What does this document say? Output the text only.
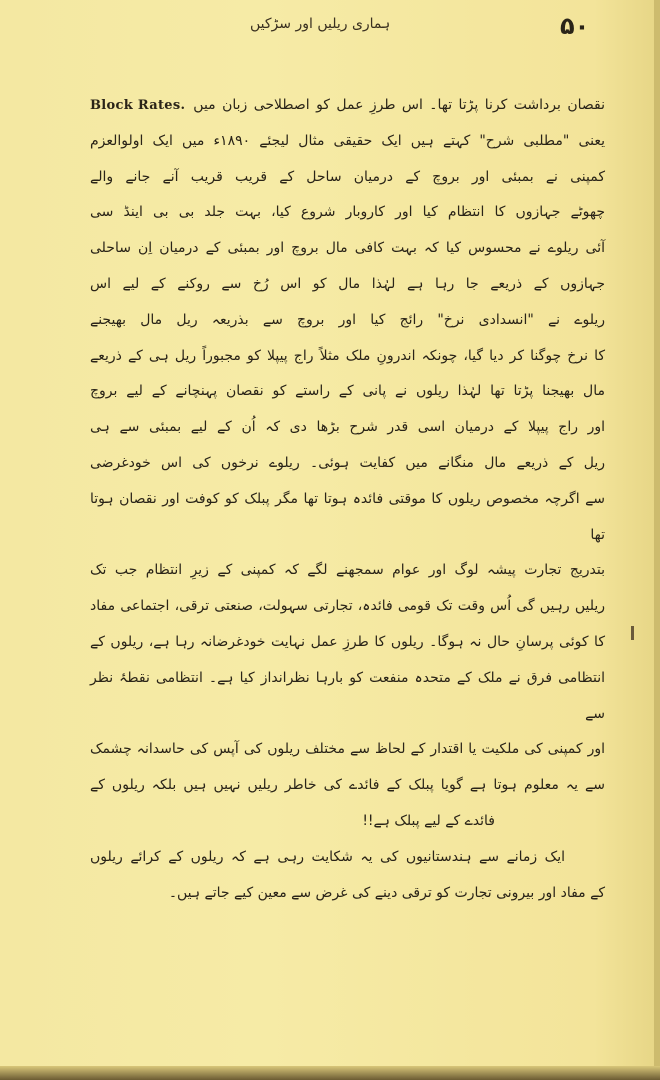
ہماری ریلیں اور سڑکیں	۵۰
نقصان برداشت کرنا پڑتا تھا۔ اس طرزِ عمل کو اصطلاحی زبان میں
Block Rates.
یعنی "مطلبی شرح" کہتے ہیں ایک حقیقی مثال لیجئے ۱۸۹۰ء میں ایک اولوالعزم
کمپنی نے بمبئی اور بروچ کے درمیان ساحل کے قریب قریب آنے جانے والے
چھوٹے جہازوں کا انتظام کیا اور کاروبار شروع کیا، بہت جلد بی بی اینڈ سی
آئی ریلوے نے محسوس کیا کہ بہت کافی مال بروچ اور بمبئی کے درمیان اِن ساحلی
جہازوں کے ذریعے جا رہا ہے لہٰذا مال کو اس رُخ سے روکنے کے لیے اس
ریلوے نے "انسدادی نرخ" رائج کیا اور بروچ سے بذریعہ ریل مال بھیجنے
کا نرخ چوگنا کر دیا گیا، چونکہ اندرونِ ملک مثلاً راج پیپلا کو مجبوراً ریل ہی کے ذریعے
مال بھیجنا پڑتا تھا لہٰذا ریلوں نے پانی کے راستے کو نقصان پہنچانے کے لیے بروچ
اور راج پیپلا کے درمیان اسی قدر شرح بڑھا دی کہ اُن کے لیے بمبئی سے ہی
ریل کے ذریعے مال منگانے میں کفایت ہوئی۔ ریلوے نرخوں کی اس خودغرضی
سے اگرچہ مخصوص ریلوں کا موقتی فائدہ ہوتا تھا مگر پبلک کو کوفت اور نقصان ہوتا تھا
بتدریج تجارت پیشہ لوگ اور عوام سمجھنے لگے کہ کمپنی کے زیرِ انتظام جب تک
ریلیں رہیں گی اُس وقت تک قومی فائدہ، تجارتی سہولت، صنعتی ترقی، اجتماعی مفاد
کا کوئی پرسانِ حال نہ ہوگا۔ ریلوں کا طرزِ عمل نہایت خودغرضانہ رہا ہے، ریلوں کے
انتظامی فرق نے ملک کے متحدہ منفعت کو بارہا نظرانداز کیا ہے۔ انتظامی نقطۂ نظر سے
اور کمپنی کی ملکیت یا اقتدار کے لحاظ سے مختلف ریلوں کی آپس کی حاسدانہ چشمک
سے یہ معلوم ہوتا ہے گویا پبلک کے فائدے کی خاطر ریلیں نہیں ہیں بلکہ ریلوں کے
فائدے کے لیے پبلک ہے!!
ایک زمانے سے ہندستانیوں کی یہ شکایت رہی ہے کہ ریلوں کے کرائے ریلوں
کے مفاد اور بیرونی تجارت کو ترقی دینے کی غرض سے معین کیے جاتے ہیں۔
